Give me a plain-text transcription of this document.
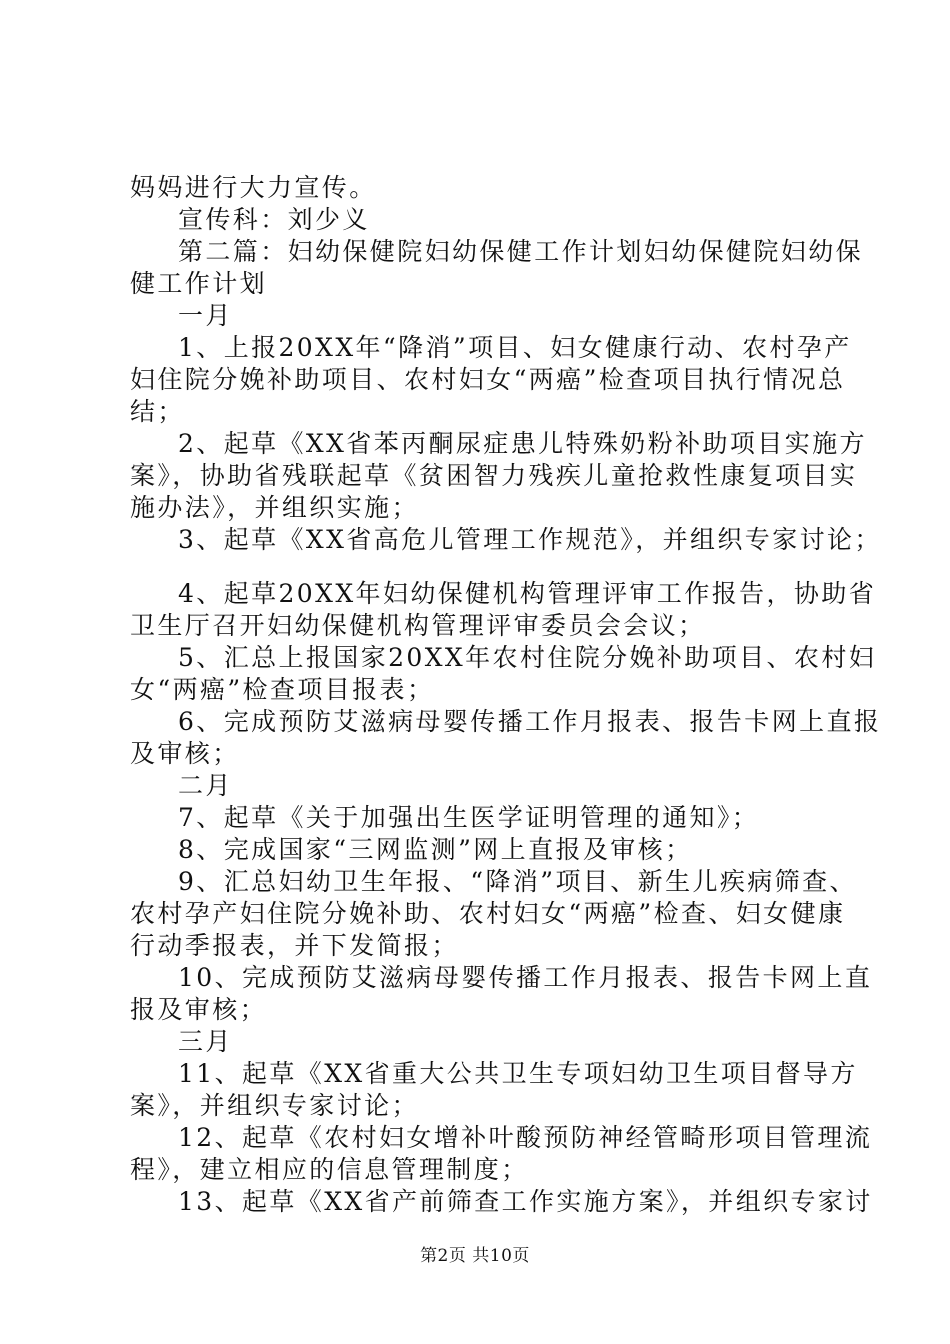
妈妈进行大力宣传。
宣传科：刘少义
第二篇：妇幼保健院妇幼保健工作计划妇幼保健院妇幼保
健工作计划
一月
1、上报20XX年“降消”项目、妇女健康行动、农村孕产
妇住院分娩补助项目、农村妇女“两癌”检查项目执行情况总
结；
2、起草《XX省苯丙酮尿症患儿特殊奶粉补助项目实施方
案》，协助省残联起草《贫困智力残疾儿童抢救性康复项目实
施办法》，并组织实施；
3、起草《XX省高危儿管理工作规范》，并组织专家讨论；
4、起草20XX年妇幼保健机构管理评审工作报告，协助省
卫生厅召开妇幼保健机构管理评审委员会会议；
5、汇总上报国家20XX年农村住院分娩补助项目、农村妇
女“两癌”检查项目报表；
6、完成预防艾滋病母婴传播工作月报表、报告卡网上直报
及审核；
二月
7、起草《关于加强出生医学证明管理的通知》；
8、完成国家“三网监测”网上直报及审核；
9、汇总妇幼卫生年报、“降消”项目、新生儿疾病筛查、
农村孕产妇住院分娩补助、农村妇女“两癌”检查、妇女健康
行动季报表，并下发简报；
10、完成预防艾滋病母婴传播工作月报表、报告卡网上直
报及审核；
三月
11、起草《XX省重大公共卫生专项妇幼卫生项目督导方
案》，并组织专家讨论；
12、起草《农村妇女增补叶酸预防神经管畸形项目管理流
程》，建立相应的信息管理制度；
13、起草《XX省产前筛查工作实施方案》，并组织专家讨
第2页 共10页
